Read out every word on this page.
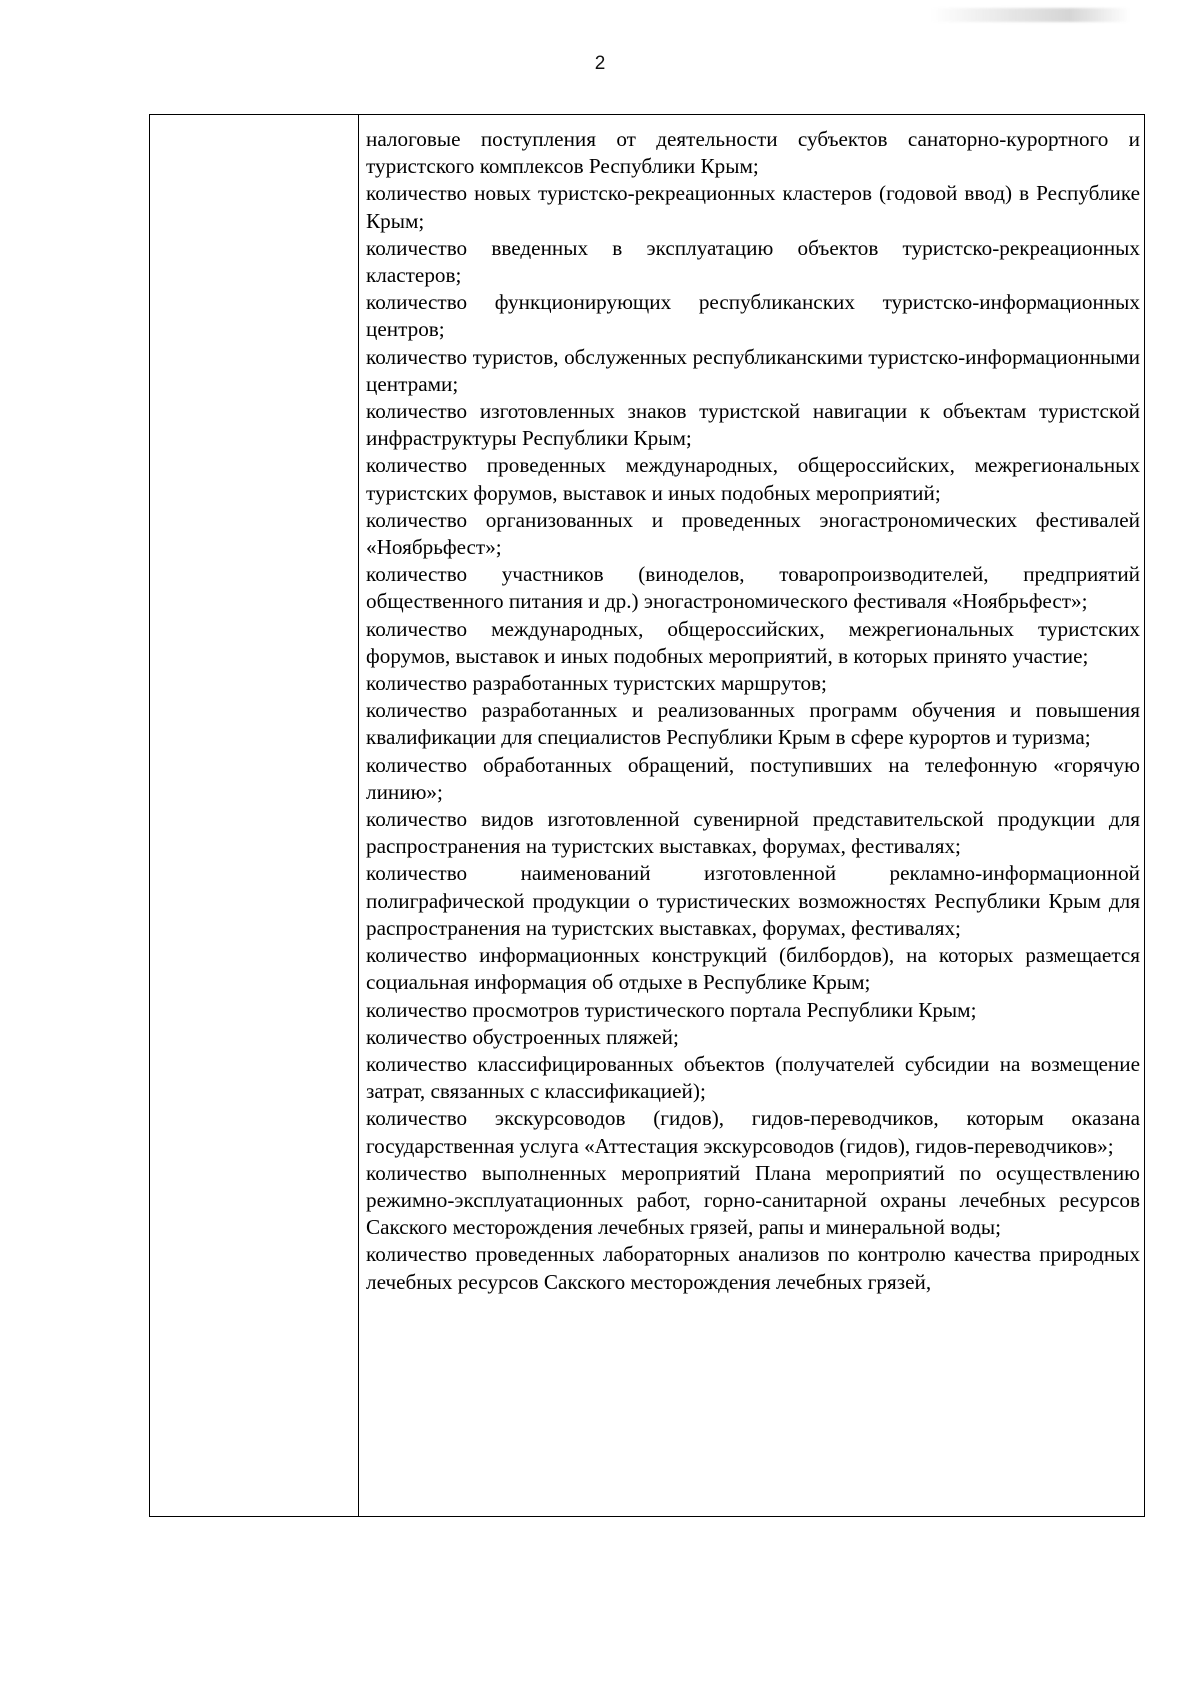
2

налоговые поступления от деятельности субъектов санаторно-курортного и туристского комплексов Республики Крым;

количество новых туристско-рекреационных кластеров (годовой ввод) в Республике Крым;

количество введенных в эксплуатацию объектов туристско-рекреационных кластеров;

количество функционирующих республиканских туристско-информационных центров;

количество туристов, обслуженных республиканскими туристско-информационными центрами;

количество изготовленных знаков туристской навигации к объектам туристской инфраструктуры Республики Крым;

количество проведенных международных, общероссийских, межрегиональных туристских форумов, выставок и иных подобных мероприятий;

количество организованных и проведенных эногастрономических фестивалей «Ноябрьфест»;

количество участников (виноделов, товаропроизводителей, предприятий общественного питания и др.) эногастрономического фестиваля «Ноябрьфест»;

количество международных, общероссийских, межрегиональных туристских форумов, выставок и иных подобных мероприятий, в которых принято участие;

количество разработанных туристских маршрутов;

количество разработанных и реализованных программ обучения и повышения квалификации для специалистов Республики Крым в сфере курортов и туризма;

количество обработанных обращений, поступивших на телефонную «горячую линию»;

количество видов изготовленной сувенирной представительской продукции для распространения на туристских выставках, форумах, фестивалях;

количество наименований изготовленной рекламно-информационной полиграфической продукции о туристических возможностях Республики Крым для распространения на туристских выставках, форумах, фестивалях;

количество информационных конструкций (билбордов), на которых размещается социальная информация об отдыхе в Республике Крым;

количество просмотров туристического портала Республики Крым;

количество обустроенных пляжей;

количество классифицированных объектов (получателей субсидии на возмещение затрат, связанных с классификацией);

количество экскурсоводов (гидов), гидов-переводчиков, которым оказана государственная услуга «Аттестация экскурсоводов (гидов), гидов-переводчиков»;

количество выполненных мероприятий Плана мероприятий по осуществлению режимно-эксплуатационных работ, горно-санитарной охраны лечебных ресурсов Сакского месторождения лечебных грязей, рапы и минеральной воды;

количество проведенных лабораторных анализов по контролю качества природных лечебных ресурсов Сакского месторождения лечебных грязей,
